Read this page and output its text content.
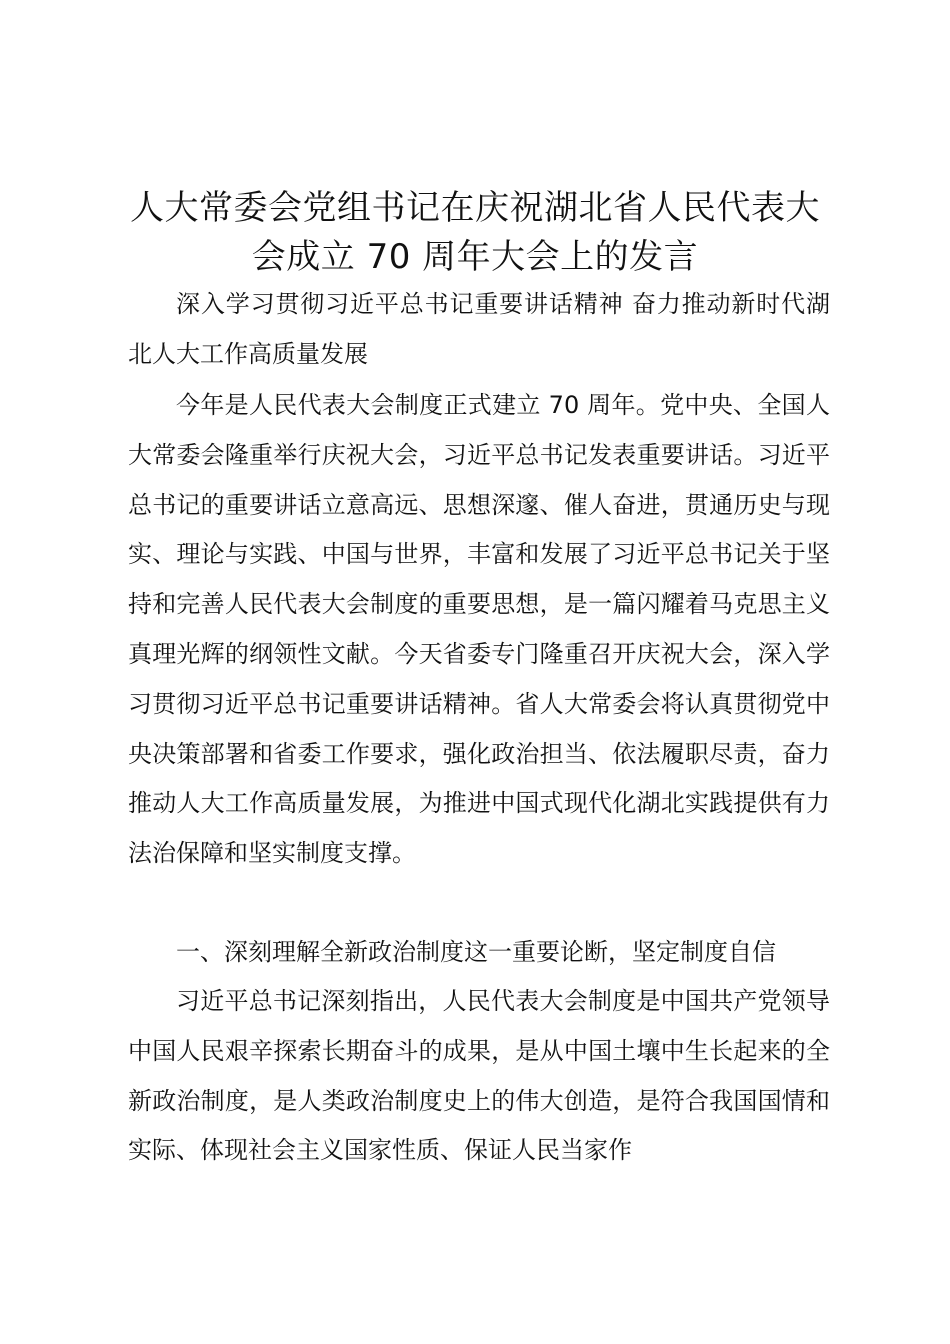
人大常委会党组书记在庆祝湖北省人民代表大
会成立 70 周年大会上的发言
深入学习贯彻习近平总书记重要讲话精神 奋力推动新时代湖北人大工作高质量发展
今年是人民代表大会制度正式建立 70 周年。党中央、全国人大常委会隆重举行庆祝大会，习近平总书记发表重要讲话。习近平总书记的重要讲话立意高远、思想深邃、催人奋进，贯通历史与现实、理论与实践、中国与世界，丰富和发展了习近平总书记关于坚持和完善人民代表大会制度的重要思想，是一篇闪耀着马克思主义真理光辉的纲领性文献。今天省委专门隆重召开庆祝大会，深入学习贯彻习近平总书记重要讲话精神。省人大常委会将认真贯彻党中央决策部署和省委工作要求，强化政治担当、依法履职尽责，奋力推动人大工作高质量发展，为推进中国式现代化湖北实践提供有力法治保障和坚实制度支撑。
一、深刻理解全新政治制度这一重要论断，坚定制度自信
习近平总书记深刻指出，人民代表大会制度是中国共产党领导中国人民艰辛探索长期奋斗的成果，是从中国土壤中生长起来的全新政治制度，是人类政治制度史上的伟大创造，是符合我国国情和实际、体现社会主义国家性质、保证人民当家作
